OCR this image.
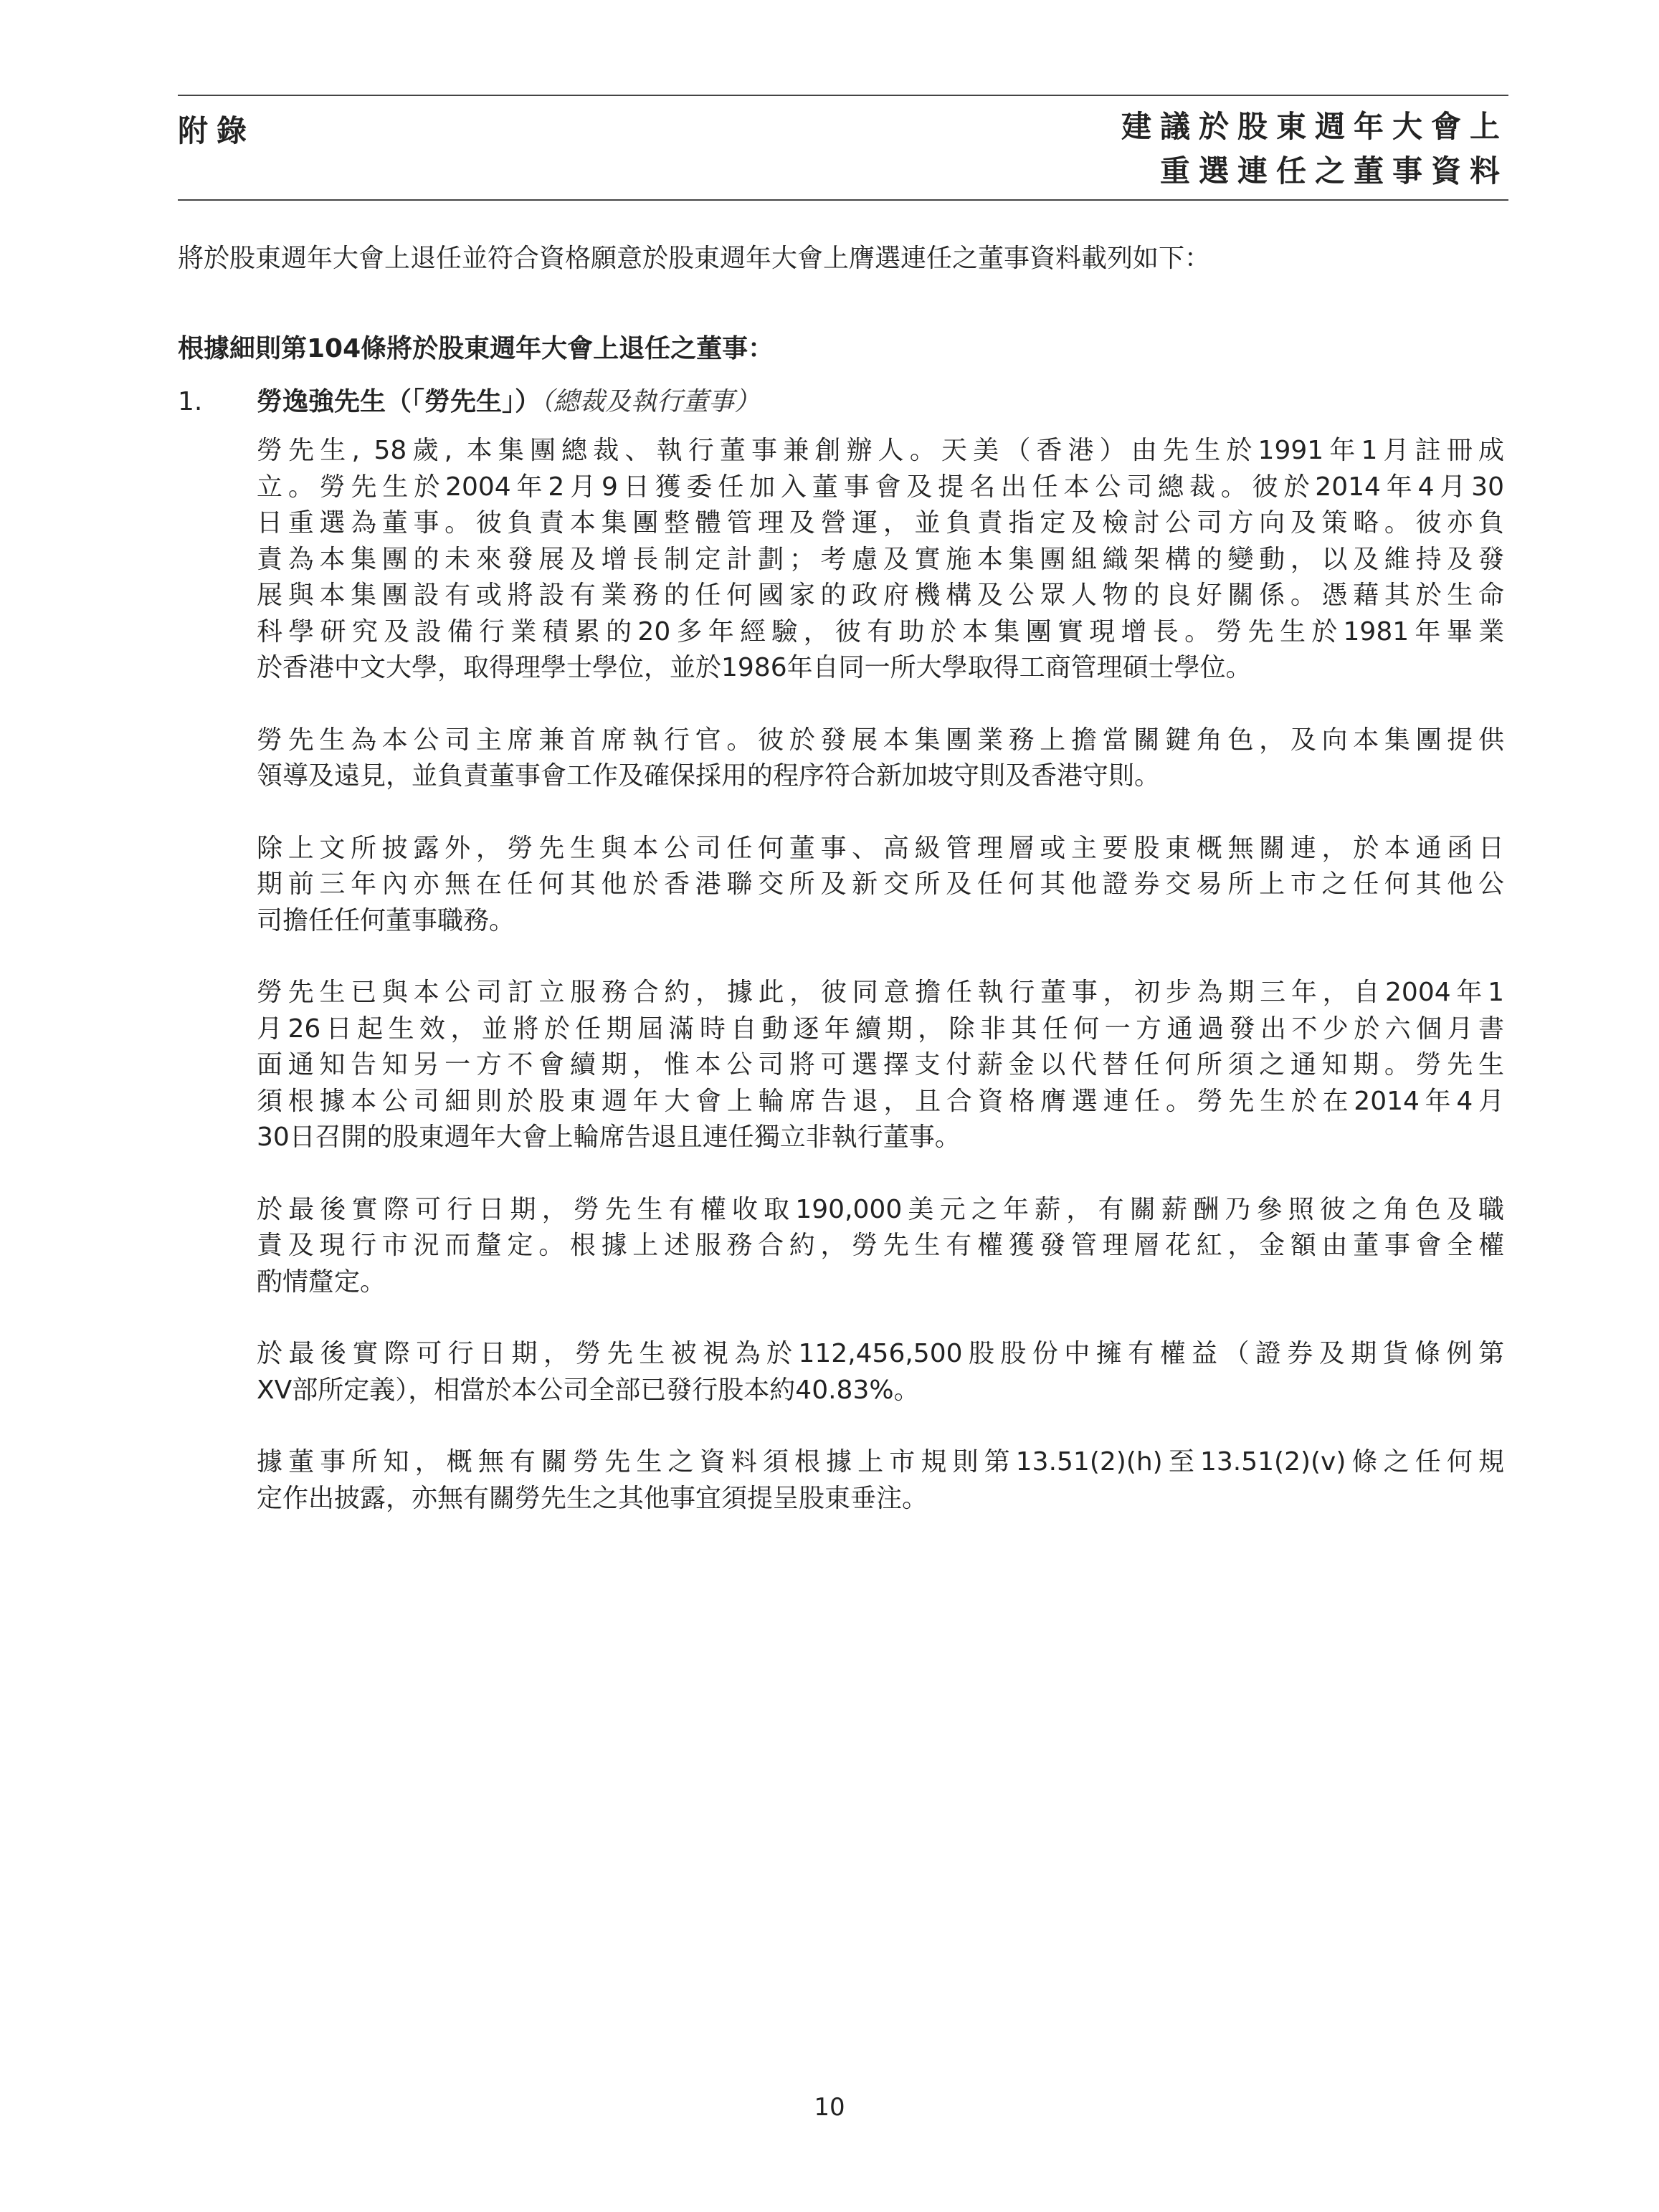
附錄	建議於股東週年大會上
重選連任之董事資料
將於股東週年大會上退任並符合資格願意於股東週年大會上膺選連任之董事資料載列如下：
根據細則第104條將於股東週年大會上退任之董事：
1. 勞逸強先生（「勞先生」）（總裁及執行董事）
勞先生, 58歲, 本集團總裁、執行董事兼創辦人。天美（香港）由先生於1991年1月註冊成
立。勞先生於2004年2月9日獲委任加入董事會及提名出任本公司總裁。彼於2014年4月30
日重選為董事。彼負責本集團整體管理及營運，並負責指定及檢討公司方向及策略。彼亦負
責為本集團的未來發展及增長制定計劃；考慮及實施本集團組織架構的變動，以及維持及發
展與本集團設有或將設有業務的任何國家的政府機構及公眾人物的良好關係。憑藉其於生命
科學研究及設備行業積累的20多年經驗，彼有助於本集團實現增長。勞先生於1981年畢業
於香港中文大學，取得理學士學位，並於1986年自同一所大學取得工商管理碩士學位。
勞先生為本公司主席兼首席執行官。彼於發展本集團業務上擔當關鍵角色，及向本集團提供
領導及遠見，並負責董事會工作及確保採用的程序符合新加坡守則及香港守則。
除上文所披露外，勞先生與本公司任何董事、高級管理層或主要股東概無關連，於本通函日
期前三年內亦無在任何其他於香港聯交所及新交所及任何其他證券交易所上市之任何其他公
司擔任任何董事職務。
勞先生已與本公司訂立服務合約，據此，彼同意擔任執行董事，初步為期三年，自2004年1
月26日起生效，並將於任期屆滿時自動逐年續期，除非其任何一方通過發出不少於六個月書
面通知告知另一方不會續期，惟本公司將可選擇支付薪金以代替任何所須之通知期。勞先生
須根據本公司細則於股東週年大會上輪席告退，且合資格膺選連任。勞先生於在2014年4月
30日召開的股東週年大會上輪席告退且連任獨立非執行董事。
於最後實際可行日期，勞先生有權收取190,000美元之年薪，有關薪酬乃參照彼之角色及職
責及現行市況而釐定。根據上述服務合約，勞先生有權獲發管理層花紅，金額由董事會全權
酌情釐定。
於最後實際可行日期，勞先生被視為於112,456,500股股份中擁有權益（證券及期貨條例第
XV部所定義），相當於本公司全部已發行股本約40.83%。
據董事所知，概無有關勞先生之資料須根據上市規則第13.51(2)(h)至13.51(2)(v)條之任何規
定作出披露，亦無有關勞先生之其他事宜須提呈股東垂注。
10
